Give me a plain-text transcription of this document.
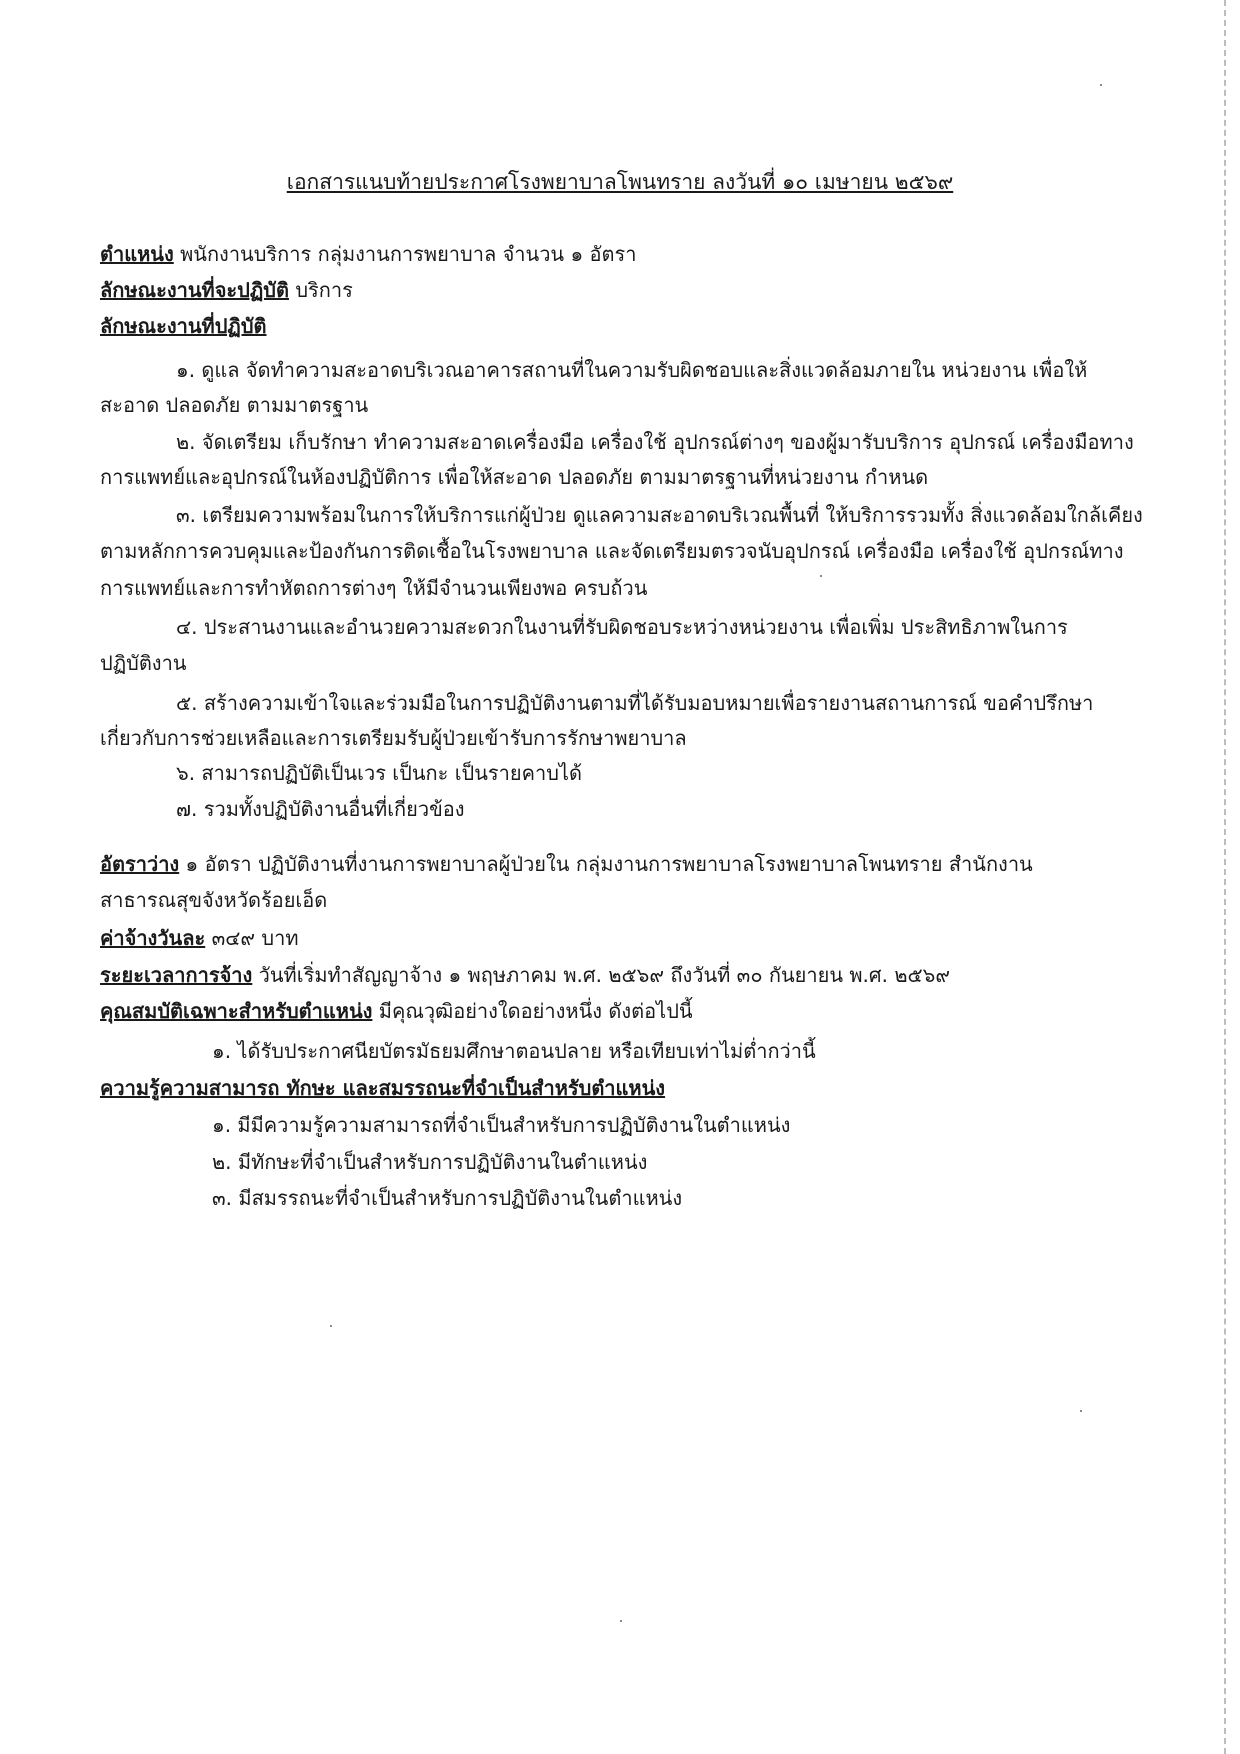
เอกสารแนบท้ายประกาศโรงพยาบาลโพนทราย ลงวันที่ ๑๐ เมษายน ๒๕๖๙
ตำแหน่ง พนักงานบริการ กลุ่มงานการพยาบาล จำนวน ๑ อัตรา
ลักษณะงานที่จะปฏิบัติ บริการ
ลักษณะงานที่ปฏิบัติ
๑. ดูแล จัดทำความสะอาดบริเวณอาคารสถานที่ในความรับผิดชอบและสิ่งแวดล้อมภายใน หน่วยงาน เพื่อให้
สะอาด ปลอดภัย ตามมาตรฐาน
๒. จัดเตรียม เก็บรักษา ทำความสะอาดเครื่องมือ เครื่องใช้ อุปกรณ์ต่างๆ ของผู้มารับบริการ อุปกรณ์ เครื่องมือทาง
การแพทย์และอุปกรณ์ในห้องปฏิบัติการ เพื่อให้สะอาด ปลอดภัย ตามมาตรฐานที่หน่วยงาน กำหนด
๓. เตรียมความพร้อมในการให้บริการแก่ผู้ป่วย ดูแลความสะอาดบริเวณพื้นที่ ให้บริการรวมทั้ง สิ่งแวดล้อมใกล้เคียง
ตามหลักการควบคุมและป้องกันการติดเชื้อในโรงพยาบาล และจัดเตรียมตรวจนับอุปกรณ์ เครื่องมือ เครื่องใช้ อุปกรณ์ทาง
การแพทย์และการทำหัตถการต่างๆ ให้มีจำนวนเพียงพอ ครบถ้วน
๔. ประสานงานและอำนวยความสะดวกในงานที่รับผิดชอบระหว่างหน่วยงาน เพื่อเพิ่ม ประสิทธิภาพในการ
ปฏิบัติงาน
๕. สร้างความเข้าใจและร่วมมือในการปฏิบัติงานตามที่ได้รับมอบหมายเพื่อรายงานสถานการณ์ ขอคำปรึกษา
เกี่ยวกับการช่วยเหลือและการเตรียมรับผู้ป่วยเข้ารับการรักษาพยาบาล
๖. สามารถปฏิบัติเป็นเวร เป็นกะ เป็นรายคาบได้
๗. รวมทั้งปฏิบัติงานอื่นที่เกี่ยวข้อง
อัตราว่าง ๑ อัตรา ปฏิบัติงานที่งานการพยาบาลผู้ป่วยใน กลุ่มงานการพยาบาลโรงพยาบาลโพนทราย สำนักงาน
สาธารณสุขจังหวัดร้อยเอ็ด
ค่าจ้างวันละ ๓๔๙ บาท
ระยะเวลาการจ้าง วันที่เริ่มทำสัญญาจ้าง ๑ พฤษภาคม พ.ศ. ๒๕๖๙ ถึงวันที่ ๓๐ กันยายน พ.ศ. ๒๕๖๙
คุณสมบัติเฉพาะสำหรับตำแหน่ง มีคุณวุฒิอย่างใดอย่างหนึ่ง ดังต่อไปนี้
๑. ได้รับประกาศนียบัตรมัธยมศึกษาตอนปลาย หรือเทียบเท่าไม่ต่ำกว่านี้
ความรู้ความสามารถ ทักษะ และสมรรถนะที่จำเป็นสำหรับตำแหน่ง
๑. มีมีความรู้ความสามารถที่จำเป็นสำหรับการปฏิบัติงานในตำแหน่ง
๒. มีทักษะที่จำเป็นสำหรับการปฏิบัติงานในตำแหน่ง
๓. มีสมรรถนะที่จำเป็นสำหรับการปฏิบัติงานในตำแหน่ง
